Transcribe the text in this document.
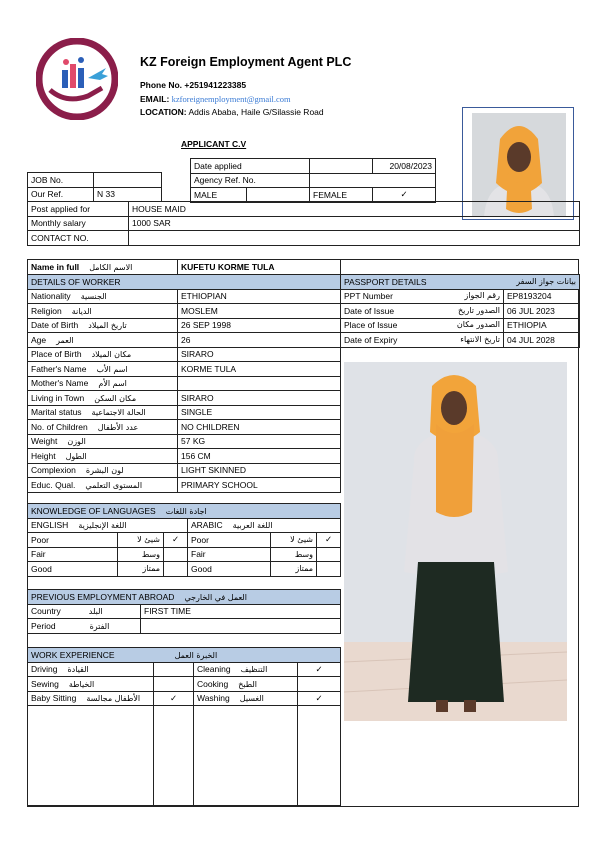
KZ Foreign Employment Agent PLC
Phone No. +251941223385
EMAIL: kzforeignemployment@gmail.com
LOCATION: Addis Ababa, Haile G/Silassie Road
APPLICANT C.V
Date applied			20/08/2023
Agency Ref. No.			
MALE		FEMALE	✓
JOB No.	
Our Ref.	N 33
Post applied for	HOUSE MAID
Monthly salary	1000 SAR
CONTACT NO.	
Name in full الاسم الكامل	KUFETU KORME TULA
DETAILS OF WORKER	
Nationality الجنسية	ETHIOPIAN
Religion الديانة	MOSLEM
Date of Birth تاريخ الميلاد	26 SEP 1998
Age العمر	26
Place of Birth مكان الميلاد	SIRARO
Father's Name اسم الأب	KORME TULA
Mother's Name اسم الأم	
Living in Town مكان السكن	SIRARO
Marital status الحالة الاجتماعية	SINGLE
No. of Children عدد الأطفال	NO CHILDREN
Weight الوزن	57 KG
Height الطول	156 CM
Complexion لون البشرة	LIGHT SKINNED
Educ. Qual. المستوى التعلمي	PRIMARY SCHOOL
PASSPORT DETAILS بيانات جواز السفر	

PPT Number رقم الجواز	EP8193204
Date of Issue الصدور تاريخ	06 JUL 2023
Place of Issue الصدور مكان	ETHIOPIA
Date of Expiry تاريخ الانتهاء	04 JUL 2028
KNOWLEDGE OF LANGUAGES اجادة اللغات					
ENGLISH اللغة الإنجليزية			ARABIC اللغة العربية		
Poor	شيئ لا	✓	Poor	شيئ لا	✓
Fair	وسط		Fair	وسط	
Good	ممتاز		Good	ممتاز	
PREVIOUS EMPLOYMENT ABROAD العمل في الخارجي	
Country البلد	FIRST TIME
Period الفترة	
WORK EXPERIENCE الخبرة العمل			
Driving القيادة		Cleaning التنظيف	✓
Sewing الخياطة		Cooking الطبخ	
Baby Sitting الأطفال مجالسة	✓	Washing الغسيل	✓
